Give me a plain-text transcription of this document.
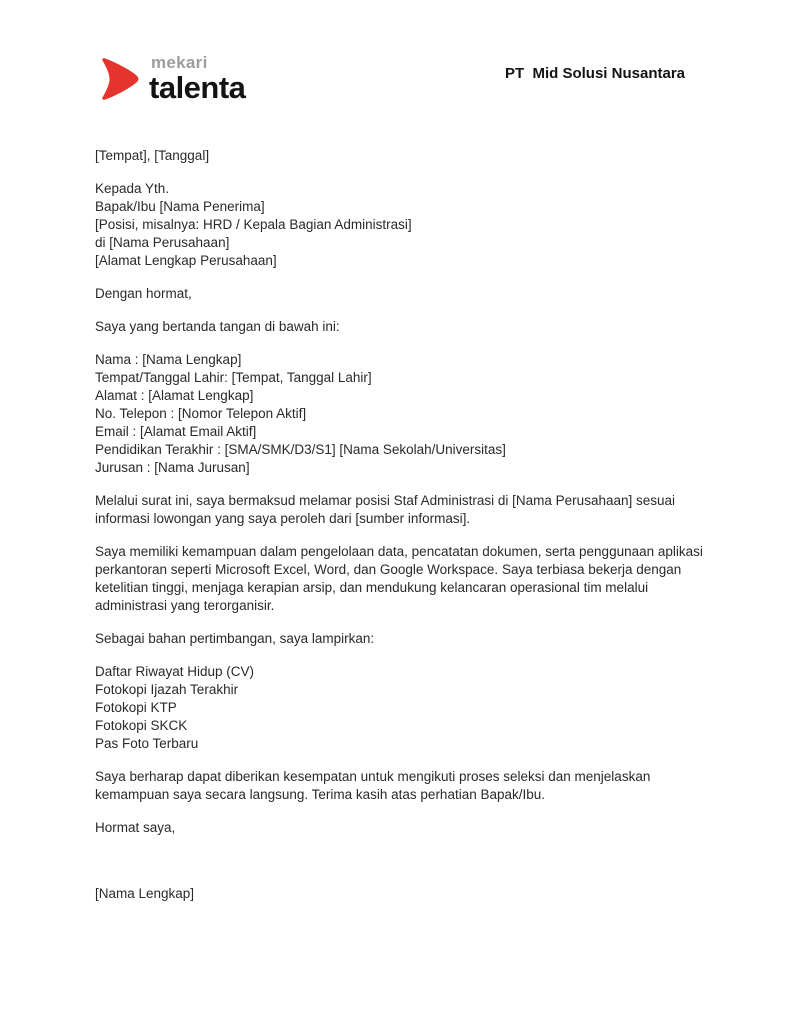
mekari
talenta	PT  Mid Solusi Nusantara
[Tempat], [Tanggal]
Kepada Yth.
Bapak/Ibu [Nama Penerima]
[Posisi, misalnya: HRD / Kepala Bagian Administrasi]
di [Nama Perusahaan]
[Alamat Lengkap Perusahaan]
Dengan hormat,
Saya yang bertanda tangan di bawah ini:
Nama : [Nama Lengkap]
Tempat/Tanggal Lahir: [Tempat, Tanggal Lahir]
Alamat : [Alamat Lengkap]
No. Telepon : [Nomor Telepon Aktif]
Email : [Alamat Email Aktif]
Pendidikan Terakhir : [SMA/SMK/D3/S1] [Nama Sekolah/Universitas]
Jurusan : [Nama Jurusan]
Melalui surat ini, saya bermaksud melamar posisi Staf Administrasi di [Nama Perusahaan] sesuai informasi lowongan yang saya peroleh dari [sumber informasi].
Saya memiliki kemampuan dalam pengelolaan data, pencatatan dokumen, serta penggunaan aplikasi perkantoran seperti Microsoft Excel, Word, dan Google Workspace. Saya terbiasa bekerja dengan ketelitian tinggi, menjaga kerapian arsip, dan mendukung kelancaran operasional tim melalui administrasi yang terorganisir.
Sebagai bahan pertimbangan, saya lampirkan:
Daftar Riwayat Hidup (CV)
Fotokopi Ijazah Terakhir
Fotokopi KTP
Fotokopi SKCK
Pas Foto Terbaru
Saya berharap dapat diberikan kesempatan untuk mengikuti proses seleksi dan menjelaskan kemampuan saya secara langsung. Terima kasih atas perhatian Bapak/Ibu.
Hormat saya,
[Nama Lengkap]
